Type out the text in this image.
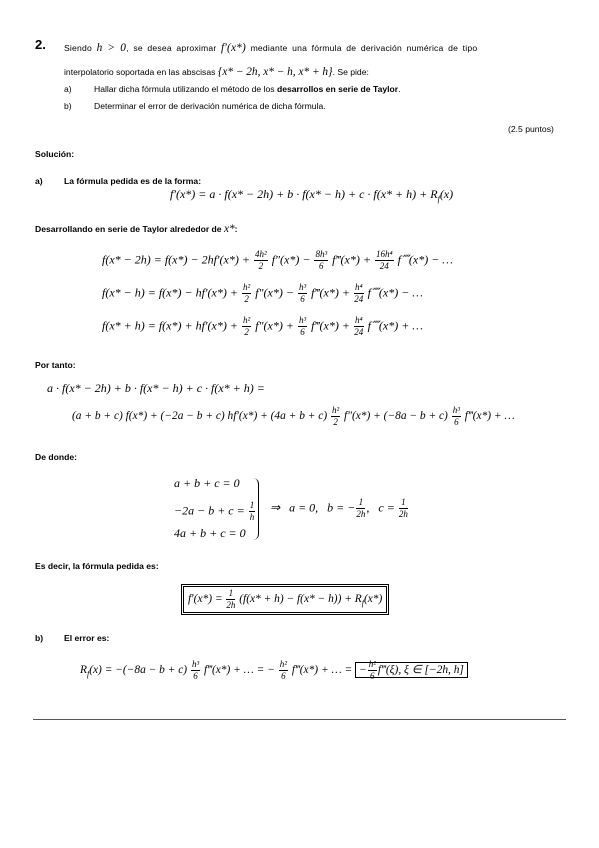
2. Siendo h > 0, se desea aproximar f′(x*) mediante una fórmula de derivación numérica de tipo
interpolatorio soportada en las abscisas {x* − 2h, x* − h, x* + h}. Se pide:
a)	Hallar dicha fórmula utilizando el método de los desarrollos en serie de Taylor.
b)	Determinar el error de derivación numérica de dicha fórmula.
(2.5 puntos)
Solución:
a) La fórmula pedida es de la forma:
$f'(x*) = a \cdot f(x* - 2h) + b \cdot f(x* - h) + c \cdot f(x* + h) + R_f(x)$
Desarrollando en serie de Taylor alrededor de x*:
$f(x* - 2h) = f(x*) - 2hf'(x*) + \frac{\text{4h²}}{2} f''(x*) - \frac{\text{8h³}}{6}$ f‴(x*) + $\frac{\text{16h⁴}}{24}$ f⁗(x*) − …
$f(x* - h) = f(x*) - hf'(x*) + \frac{\text{h²}}{2} f''(x*) - \frac{\text{h³}}{6}$ f‴(x*) + $\frac{\text{h⁴}}{24}$ f⁗(x*) − …
$f(x* + h) = f(x*) + hf'(x*) + \frac{\text{h²}}{2} f''(x*) + \frac{\text{h³}}{6}$ f‴(x*) + $\frac{\text{h⁴}}{24}$ f⁗(x*) + …
Por tanto:
a · f(x* − 2h) + b · f(x* − h) + c · f(x* + h) =
(a + b + c) f(x*) + (−2a − b + c) $hf'(x*) + (4a + b + c) \frac{\text{h²}}{2} f''(x*) + (-8a - b + c) \frac{\text{h³}}{6}$ f‴(x*) + …
De donde:
a + b + c = 0
$-2a - b + c = \frac{1}{h}$
4a + b + c = 0
⇒ a = 0, b = − $\frac{1}{2h}$ , $c = \frac{1}{2h}$
Es decir, la fórmula pedida es:
$f'(x*) = \frac{1}{2h} (f(x* + h) - f(x* - h)) + R_f(x*)$
b) El error es:
$R_f(x) = -(-8a - b + c) \frac{\text{h³}}{6}$ f‴(x*) + … = − $\frac{\text{h²}}{6}$ f‴(x*) + … = − $\frac{\text{h²}}{6}$ f‴(ξ), ξ ∈ [−2h, h]
